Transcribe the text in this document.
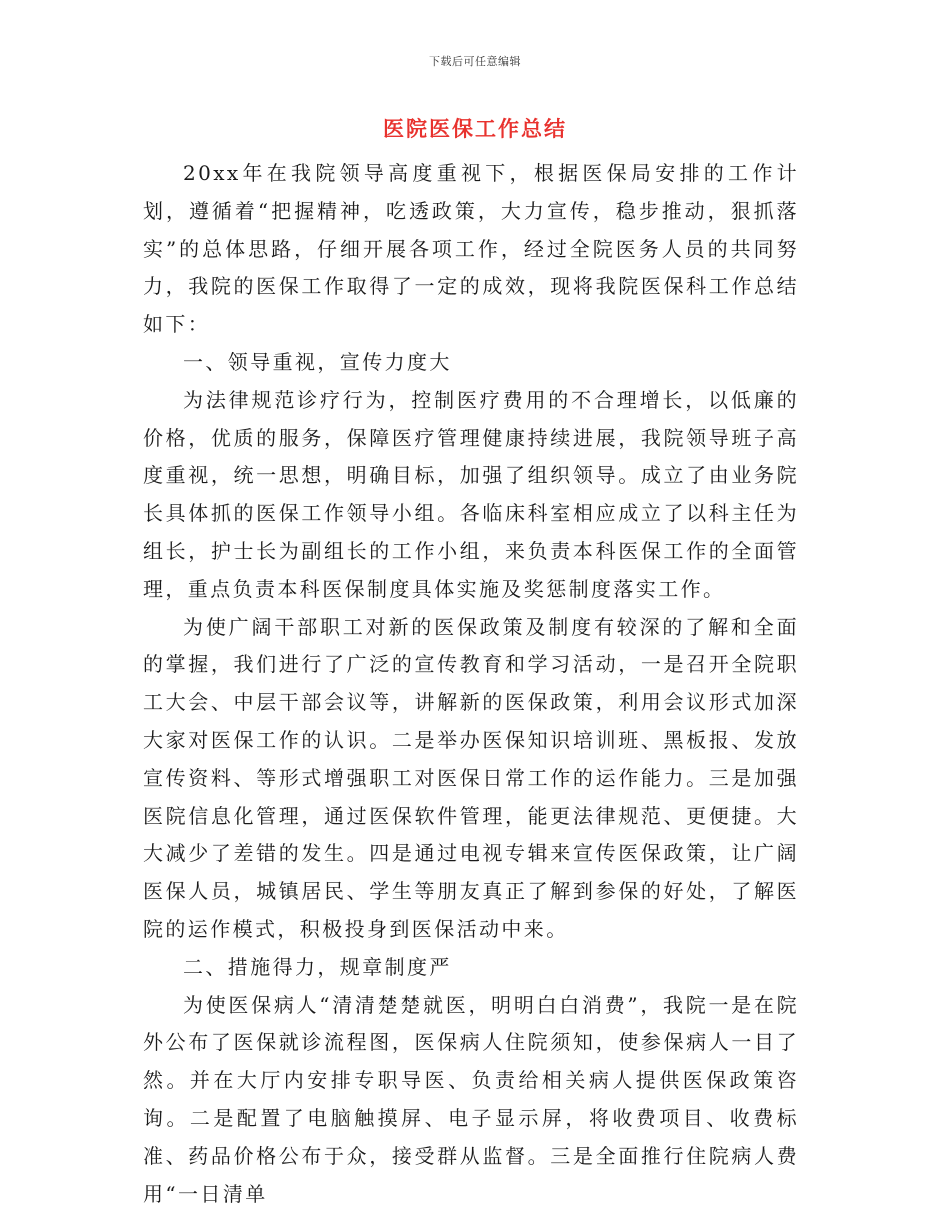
下载后可任意编辑
医院医保工作总结

20xx年在我院领导高度重视下，根据医保局安排的工作计划，遵循着“把握精神，吃透政策，大力宣传，稳步推动，狠抓落实”的总体思路，仔细开展各项工作，经过全院医务人员的共同努力，我院的医保工作取得了一定的成效，现将我院医保科工作总结如下：

一、领导重视，宣传力度大

为法律规范诊疗行为，控制医疗费用的不合理增长，以低廉的价格，优质的服务，保障医疗管理健康持续进展，我院领导班子高度重视，统一思想，明确目标，加强了组织领导。成立了由业务院长具体抓的医保工作领导小组。各临床科室相应成立了以科主任为组长，护士长为副组长的工作小组，来负责本科医保工作的全面管理，重点负责本科医保制度具体实施及奖惩制度落实工作。

为使广阔干部职工对新的医保政策及制度有较深的了解和全面的掌握，我们进行了广泛的宣传教育和学习活动，一是召开全院职工大会、中层干部会议等，讲解新的医保政策，利用会议形式加深大家对医保工作的认识。二是举办医保知识培训班、黑板报、发放宣传资料、等形式增强职工对医保日常工作的运作能力。三是加强医院信息化管理，通过医保软件管理，能更法律规范、更便捷。大大减少了差错的发生。四是通过电视专辑来宣传医保政策，让广阔医保人员，城镇居民、学生等朋友真正了解到参保的好处，了解医院的运作模式，积极投身到医保活动中来。

二、措施得力，规章制度严

为使医保病人“清清楚楚就医，明明白白消费”，我院一是在院外公布了医保就诊流程图，医保病人住院须知，使参保病人一目了然。并在大厅内安排专职导医、负责给相关病人提供医保政策咨询。二是配置了电脑触摸屏、电子显示屏，将收费项目、收费标准、药品价格公布于众，接受群从监督。三是全面推行住院病人费用“一日清单
